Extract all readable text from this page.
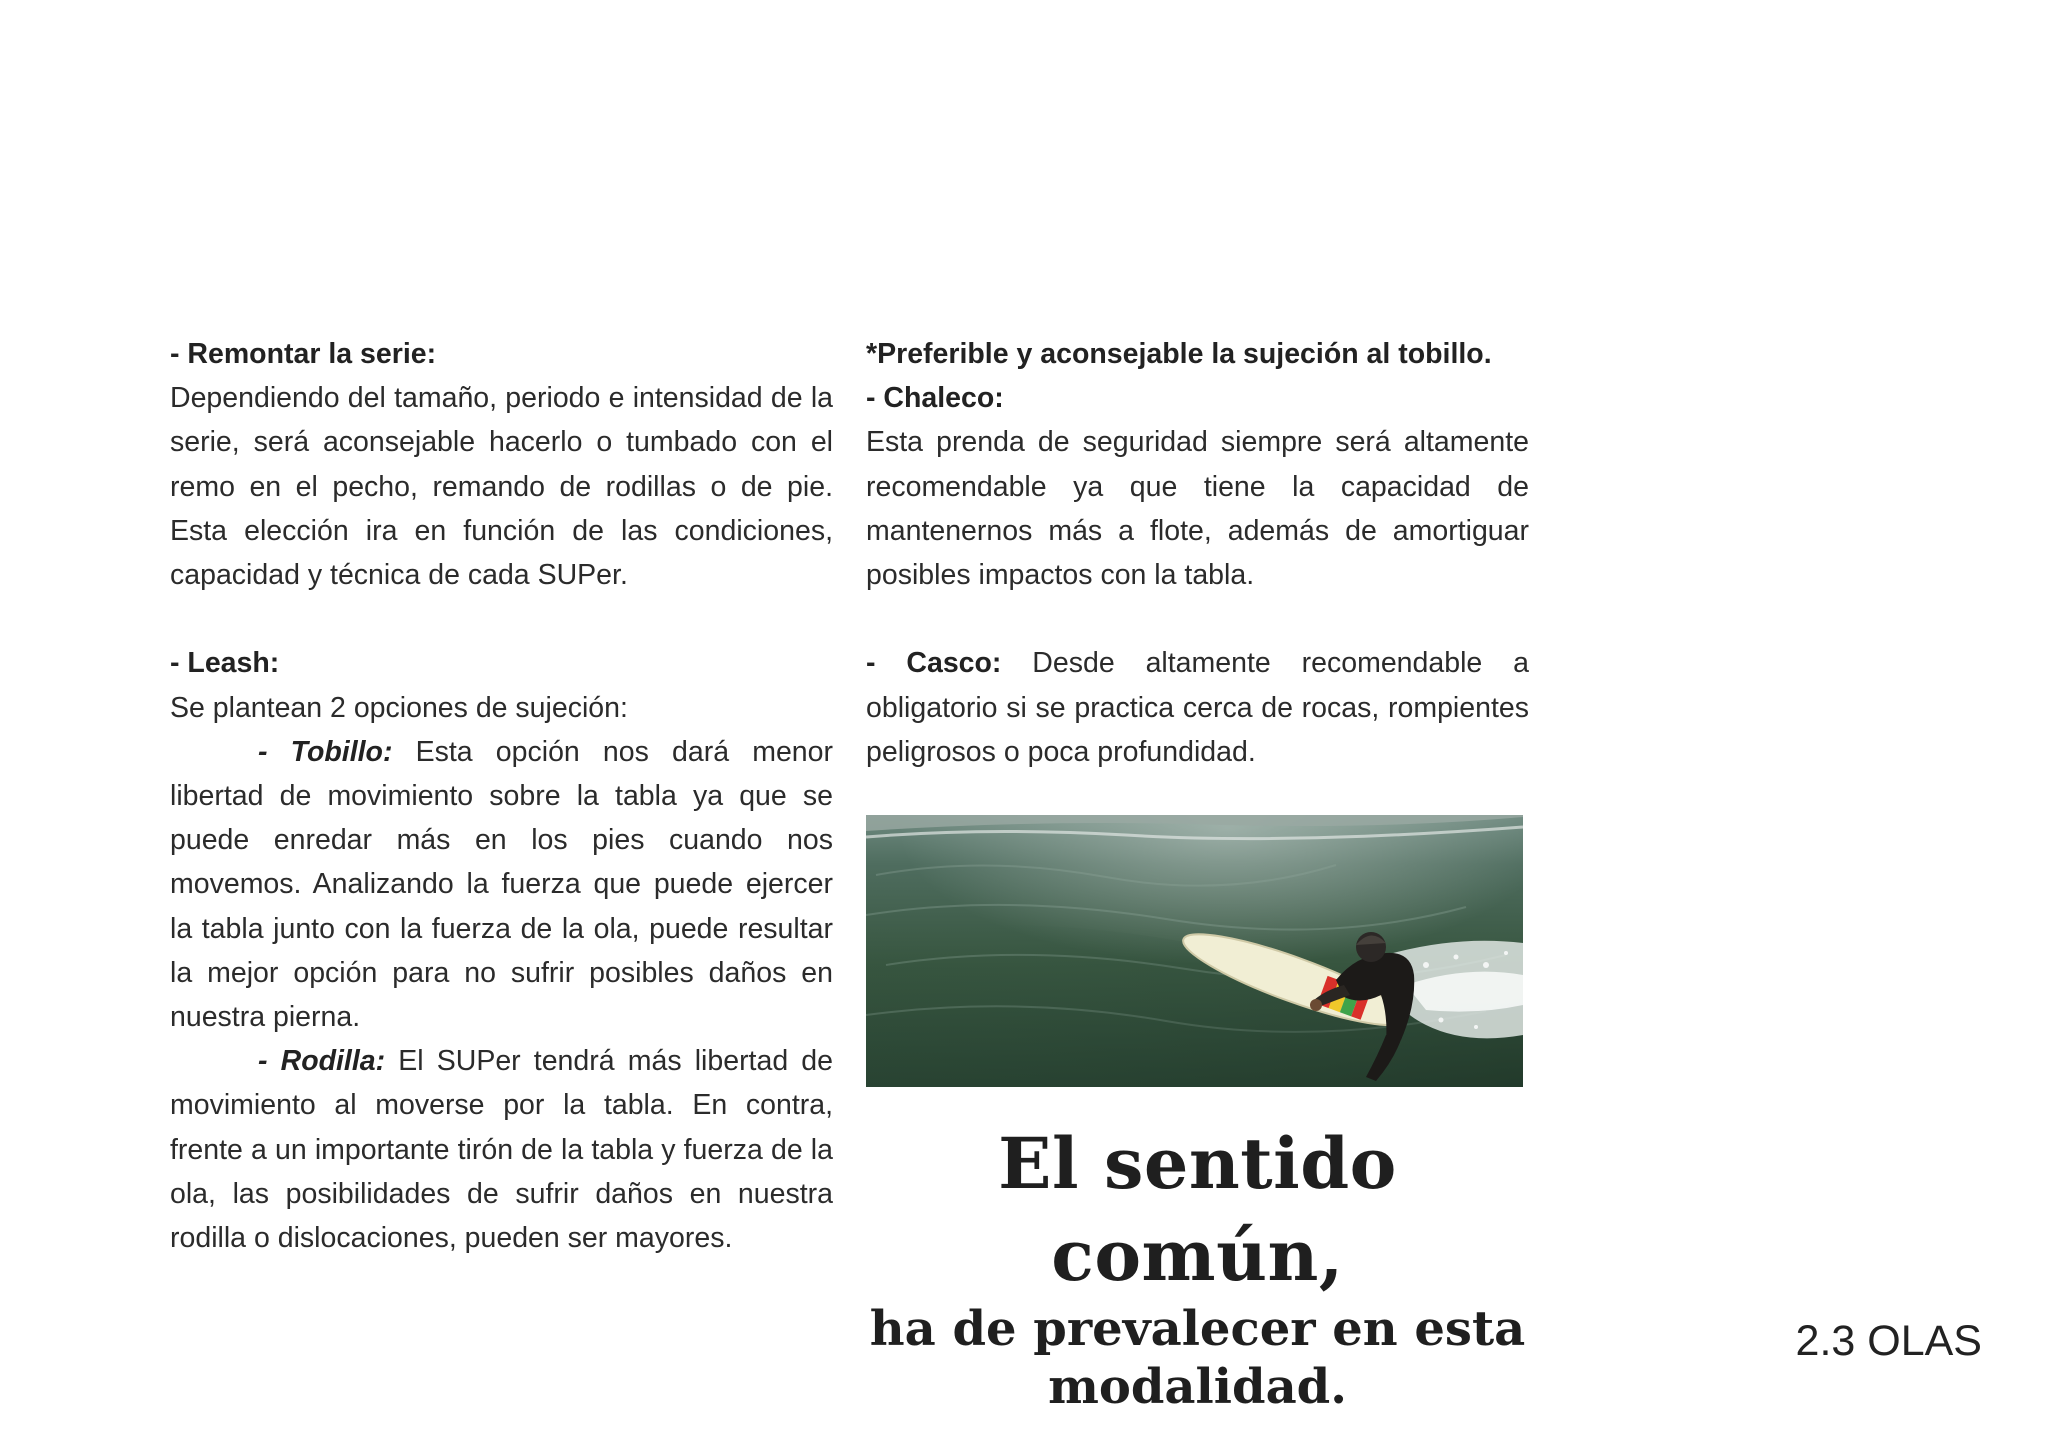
- Remontar la serie:

Dependiendo del tamaño, periodo e intensidad de la serie, será aconsejable hacerlo o tumbado con el remo en el pecho, remando de rodillas o de pie. Esta elección ira en función de las condiciones, capacidad y técnica de cada SUPer.

- Leash:

Se plantean 2 opciones de sujeción:

- Tobillo: Esta opción nos dará menor libertad de movimiento sobre la tabla ya que se puede enredar más en los pies cuando nos movemos. Analizando la fuerza que puede ejercer la tabla junto con la fuerza de la ola, puede resultar la mejor opción para no sufrir posibles daños en nuestra pierna.

- Rodilla: El SUPer tendrá más libertad de movimiento al moverse por la tabla. En contra, frente a un importante tirón de la tabla y fuerza de la ola, las posibilidades de sufrir daños en nuestra rodilla o dislocaciones, pueden ser mayores.

*Preferible y aconsejable la sujeción al tobillo.

- Chaleco:

Esta prenda de seguridad siempre será altamente recomendable ya que tiene la capacidad de mantenernos más a flote, además de amortiguar posibles impactos con la tabla.

- Casco: Desde altamente recomendable a obligatorio si se practica cerca de rocas, rompientes peligrosos o poca profundidad.

El sentido común,
ha de prevalecer en esta modalidad.
2.3 OLAS
